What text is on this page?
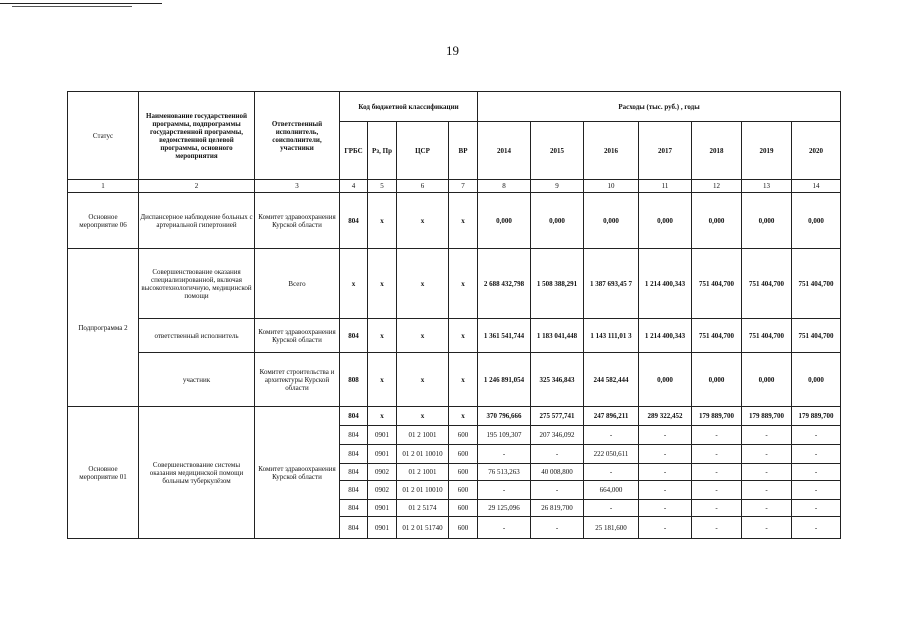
19
Статус	Наименование государственной программы, подпрограммы государственной программы, ведомственной целевой программы, основного мероприятия	Ответственный исполнитель, соисполнители, участники	Код бюджетной классификации				Расходы (тыс. руб.) , годы						
			ГРБС	Рз, Пр	ЦСР	ВР	2014	2015	2016	2017	2018	2019	2020
1	2	3	4	5	6	7	8	9	10	11	12	13	14
Основное мероприятие 06	Диспансерное наблюдение больных с артериальной гипертонией	Комитет здравоохранения Курской области	804	х	х	х	0,000	0,000	0,000	0,000	0,000	0,000	0,000
Подпрограмма 2	Совершенствование оказания специализированной, включая высокотехнологичную, медицинской помощи	Всего	х	х	х	х	2 688 432,798	1 508 388,291	1 387 693,45 7	1 214 400,343	751 404,700	751 404,700	751 404,700
	ответственный исполнитель	Комитет здравоохранения Курской области	804	х	х	х	1 361 541,744	1 183 041,448	1 143 111,01 3	1 214 400,343	751 404,700	751 404,700	751 404,700
	участник	Комитет строительства и архитектуры Курской области	808	х	х	х	1 246 891,054	325 346,843	244 582,444	0,000	0,000	0,000	0,000
Основное мероприятие 01	Совершенствование системы оказания медицинской помощи больным туберкулёзом	Комитет здравоохранения Курской области	804	х	х	х	370 796,666	275 577,741	247 896,211	289 322,452	179 889,700	179 889,700	179 889,700
			804	0901	01 2 1001	600	195 109,307	207 346,092	-	-	-	-	-
			804	0901	01 2 01 10010	600	-	-	222 050,611	-	-	-	-
			804	0902	01 2 1001	600	76 513,263	40 008,800	-	-	-	-	-
			804	0902	01 2 01 10010	600	-	-	664,000	-	-	-	-
			804	0901	01 2 5174	600	29 125,096	26 819,700	-	-	-	-	-
			804	0901	01 2 01 51740	600	-	-	25 181,600	-	-	-	-
